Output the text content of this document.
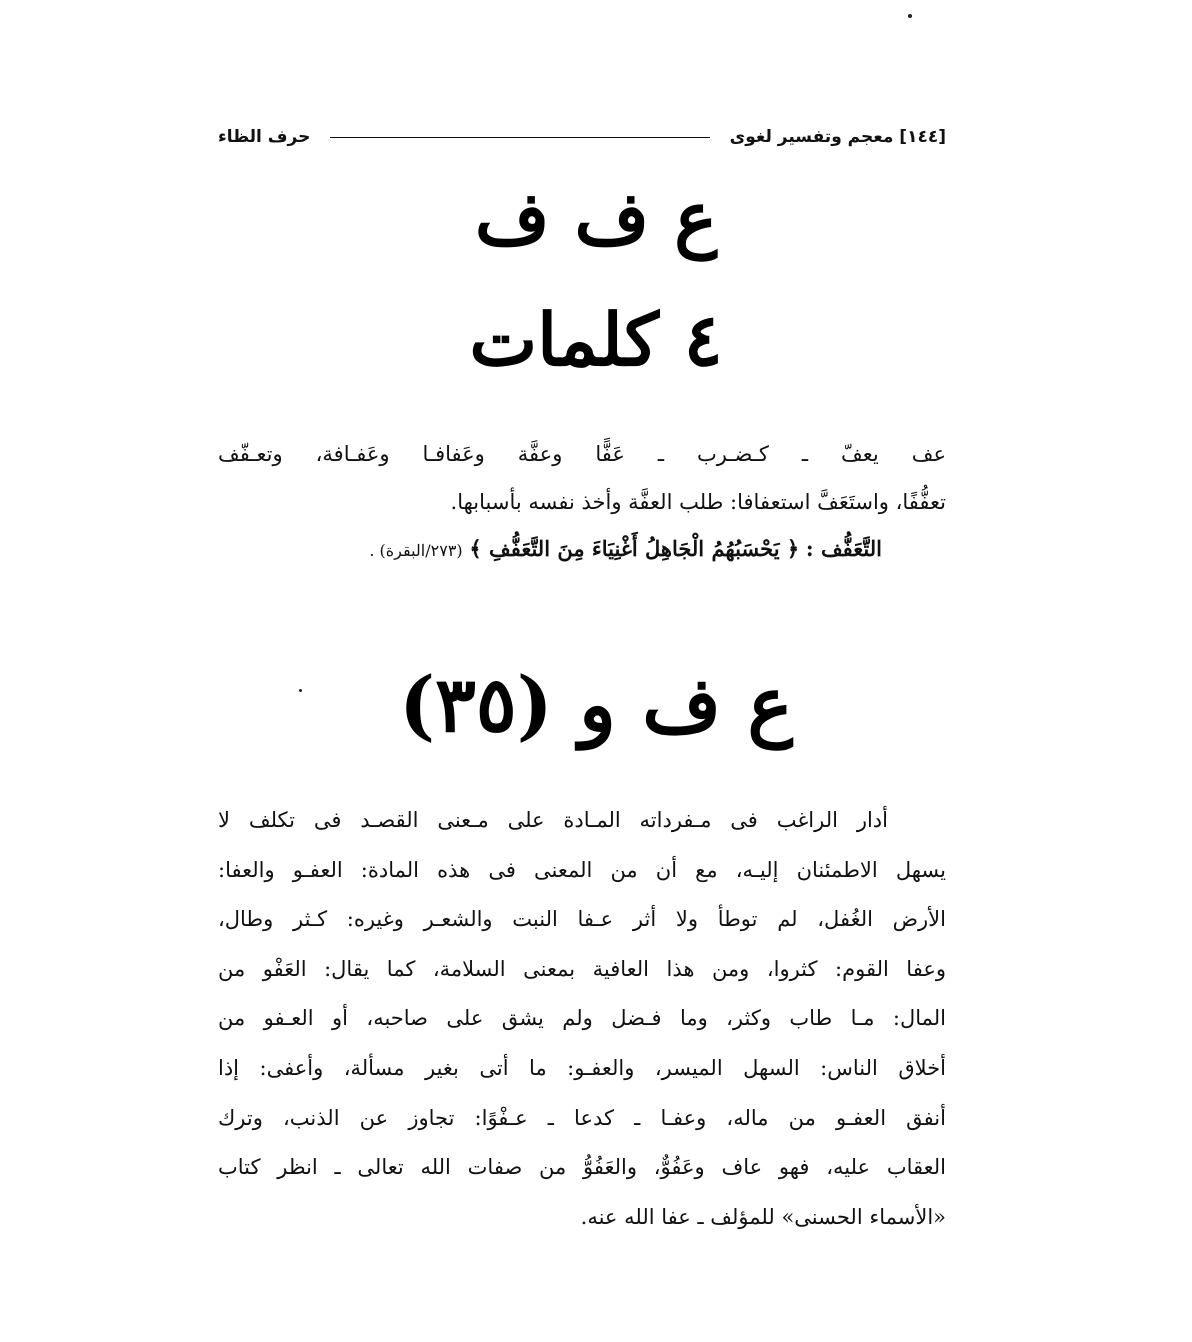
[١٤٤] معجم وتفسير لغوى
حرف الظاء
ع ف ف
٤ كلمات
عف يعفّ ـ كـضـرب ـ عَفًّا وعفَّة وعَفافـا وعَفـافة، وتعـفّف
تعفُّفًا، واستَعَفَّ استعفافا: طلب العفَّة وأخذ نفسه بأسبابها.
التَّعَفُّف : ﴿ يَحْسَبُهُمُ الْجَاهِلُ أَغْنِيَاءَ مِنَ التَّعَفُّفِ ﴾ (٢٧٣/البقرة) .
ع ف و (٣٥)
أدار الراغب فى مـفرداته المـادة على مـعنى القصـد فى تكلف لا
يسهل الاطمئنان إليـه، مع أن من المعنى فى هذه المادة: العفـو والعفا:
الأرض الغُفل، لم توطأ ولا أثر عـفا النبت والشعـر وغيره: كـثر وطال،
وعفا القوم: كثروا، ومن هذا العافية بمعنى السلامة، كما يقال: العَفْو من
المال: مـا طاب وكثر، وما فـضل ولم يشق على صاحبه، أو العـفو من
أخلاق الناس: السهل الميسر، والعفـو: ما أتى بغير مسألة، وأعفى: إذا
أنفق العفـو من ماله، وعفـا ـ كدعا ـ عـفْوًا: تجاوز عن الذنب، وترك
العقاب عليه، فهو عاف وعَفُوٌّ، والعَفُوُّ من صفات الله تعالى ـ انظر كتاب
«الأسماء الحسنى» للمؤلف ـ عفا الله عنه.
